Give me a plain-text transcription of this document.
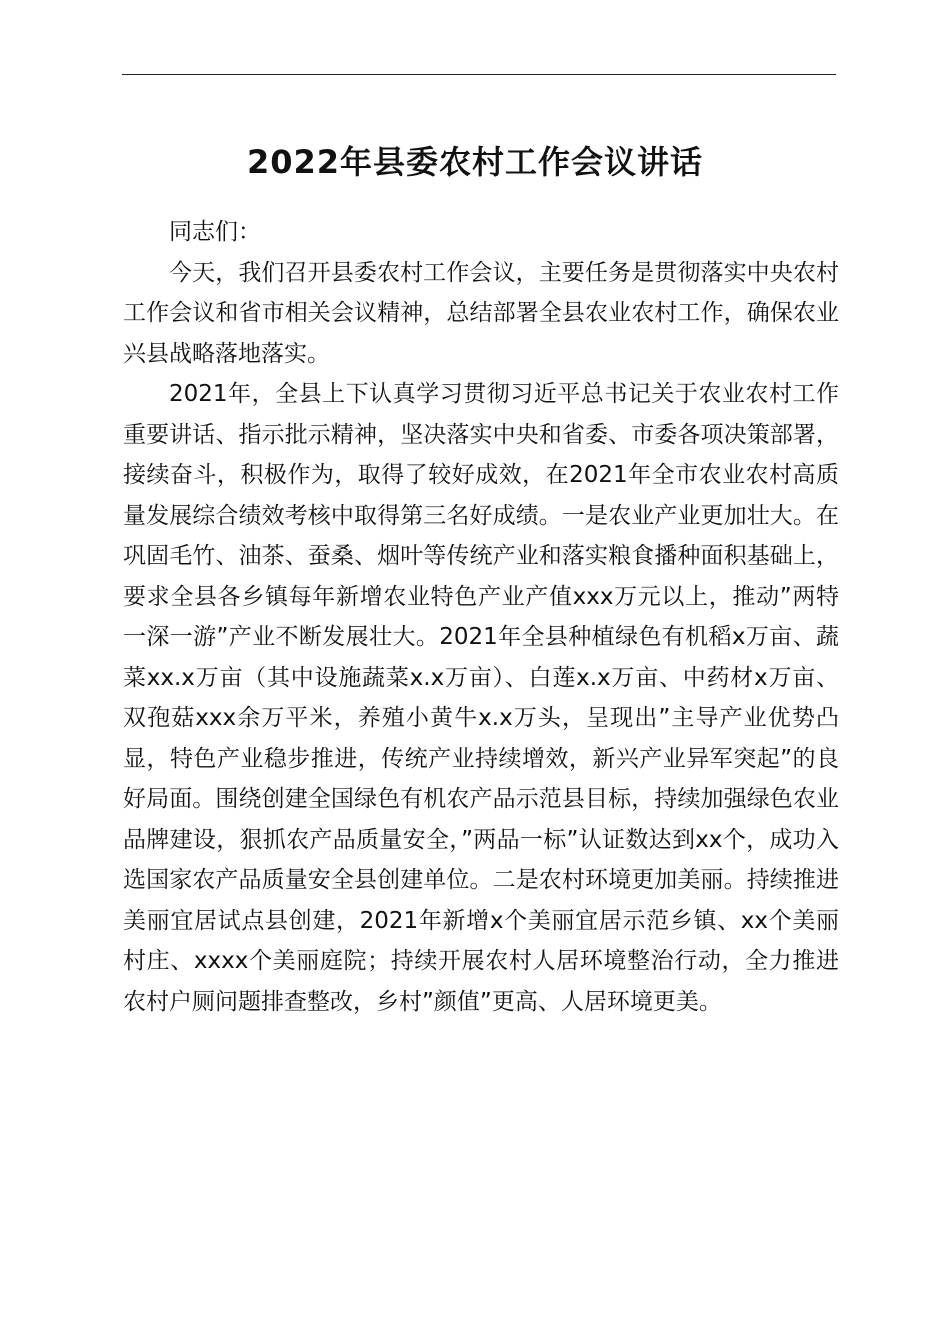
2022年县委农村工作会议讲话

同志们：

今天，我们召开县委农村工作会议，主要任务是贯彻落实中央农村工作会议和省市相关会议精神，总结部署全县农业农村工作，确保农业兴县战略落地落实。

2021年，全县上下认真学习贯彻习近平总书记关于农业农村工作重要讲话、指示批示精神，坚决落实中央和省委、市委各项决策部署，接续奋斗，积极作为，取得了较好成效，在2021年全市农业农村高质量发展综合绩效考核中取得第三名好成绩。一是农业产业更加壮大。在巩固毛竹、油茶、蚕桑、烟叶等传统产业和落实粮食播种面积基础上，要求全县各乡镇每年新增农业特色产业产值xxx万元以上，推动”两特一深一游”产业不断发展壮大。2021年全县种植绿色有机稻x万亩、蔬菜xx.x万亩（其中设施蔬菜x.x万亩）、白莲x.x万亩、中药材x万亩、双孢菇xxx余万平米，养殖小黄牛x.x万头，呈现出”主导产业优势凸显，特色产业稳步推进，传统产业持续增效，新兴产业异军突起”的良好局面。围绕创建全国绿色有机农产品示范县目标，持续加强绿色农业品牌建设，狠抓农产品质量安全，”两品一标”认证数达到xx个，成功入选国家农产品质量安全县创建单位。二是农村环境更加美丽。持续推进美丽宜居试点县创建，2021年新增x个美丽宜居示范乡镇、xx个美丽村庄、xxxx个美丽庭院；持续开展农村人居环境整治行动，全力推进农村户厕问题排查整改，乡村”颜值”更高、人居环境更美。
